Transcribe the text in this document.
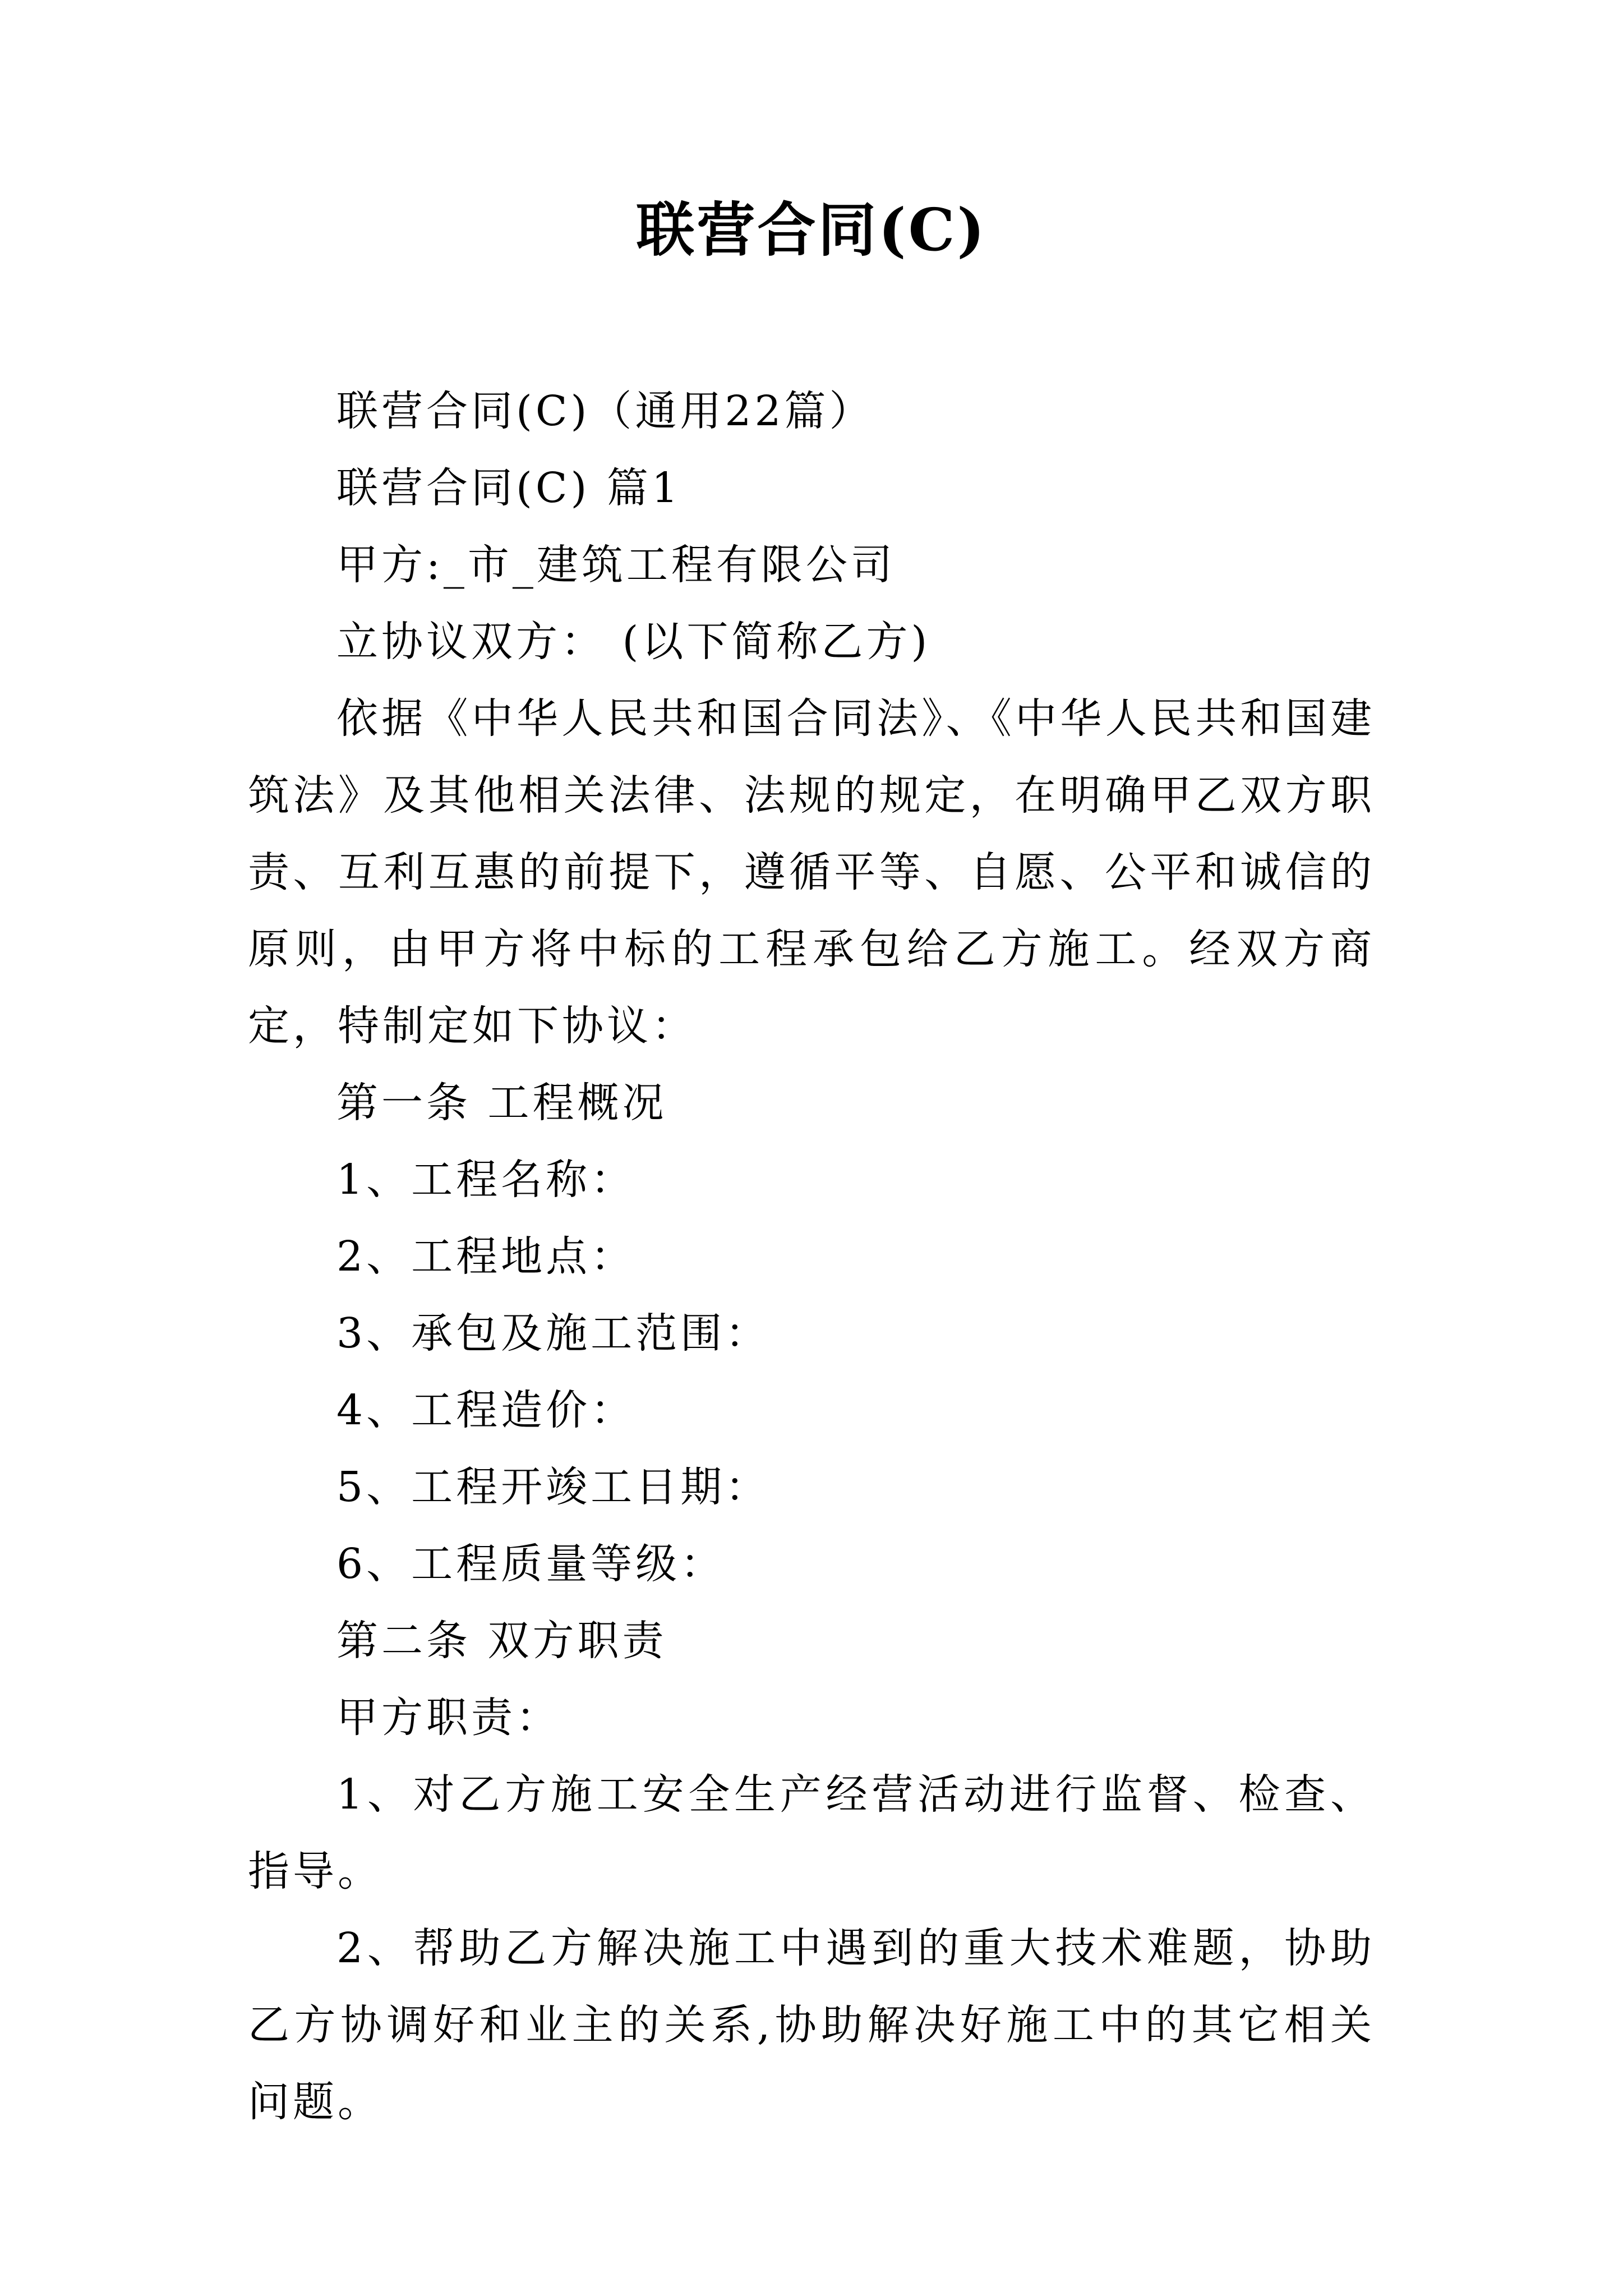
联营合同(C)

联营合同(C)（通用22篇）

联营合同(C) 篇1

甲方:_市_建筑工程有限公司

立协议双方： (以下简称乙方)

依据《中华人民共和国合同法》、《中华人民共和国建筑法》及其他相关法律、法规的规定，在明确甲乙双方职责、互利互惠的前提下，遵循平等、自愿、公平和诚信的原则，由甲方将中标的工程承包给乙方施工。经双方商定，特制定如下协议：

第一条 工程概况

1、工程名称：

2、工程地点：

3、承包及施工范围：

4、工程造价：

5、工程开竣工日期：

6、工程质量等级：

第二条 双方职责

甲方职责：

1、对乙方施工安全生产经营活动进行监督、检查、指导。

2、帮助乙方解决施工中遇到的重大技术难题，协助乙方协调好和业主的关系,协助解决好施工中的其它相关问题。
